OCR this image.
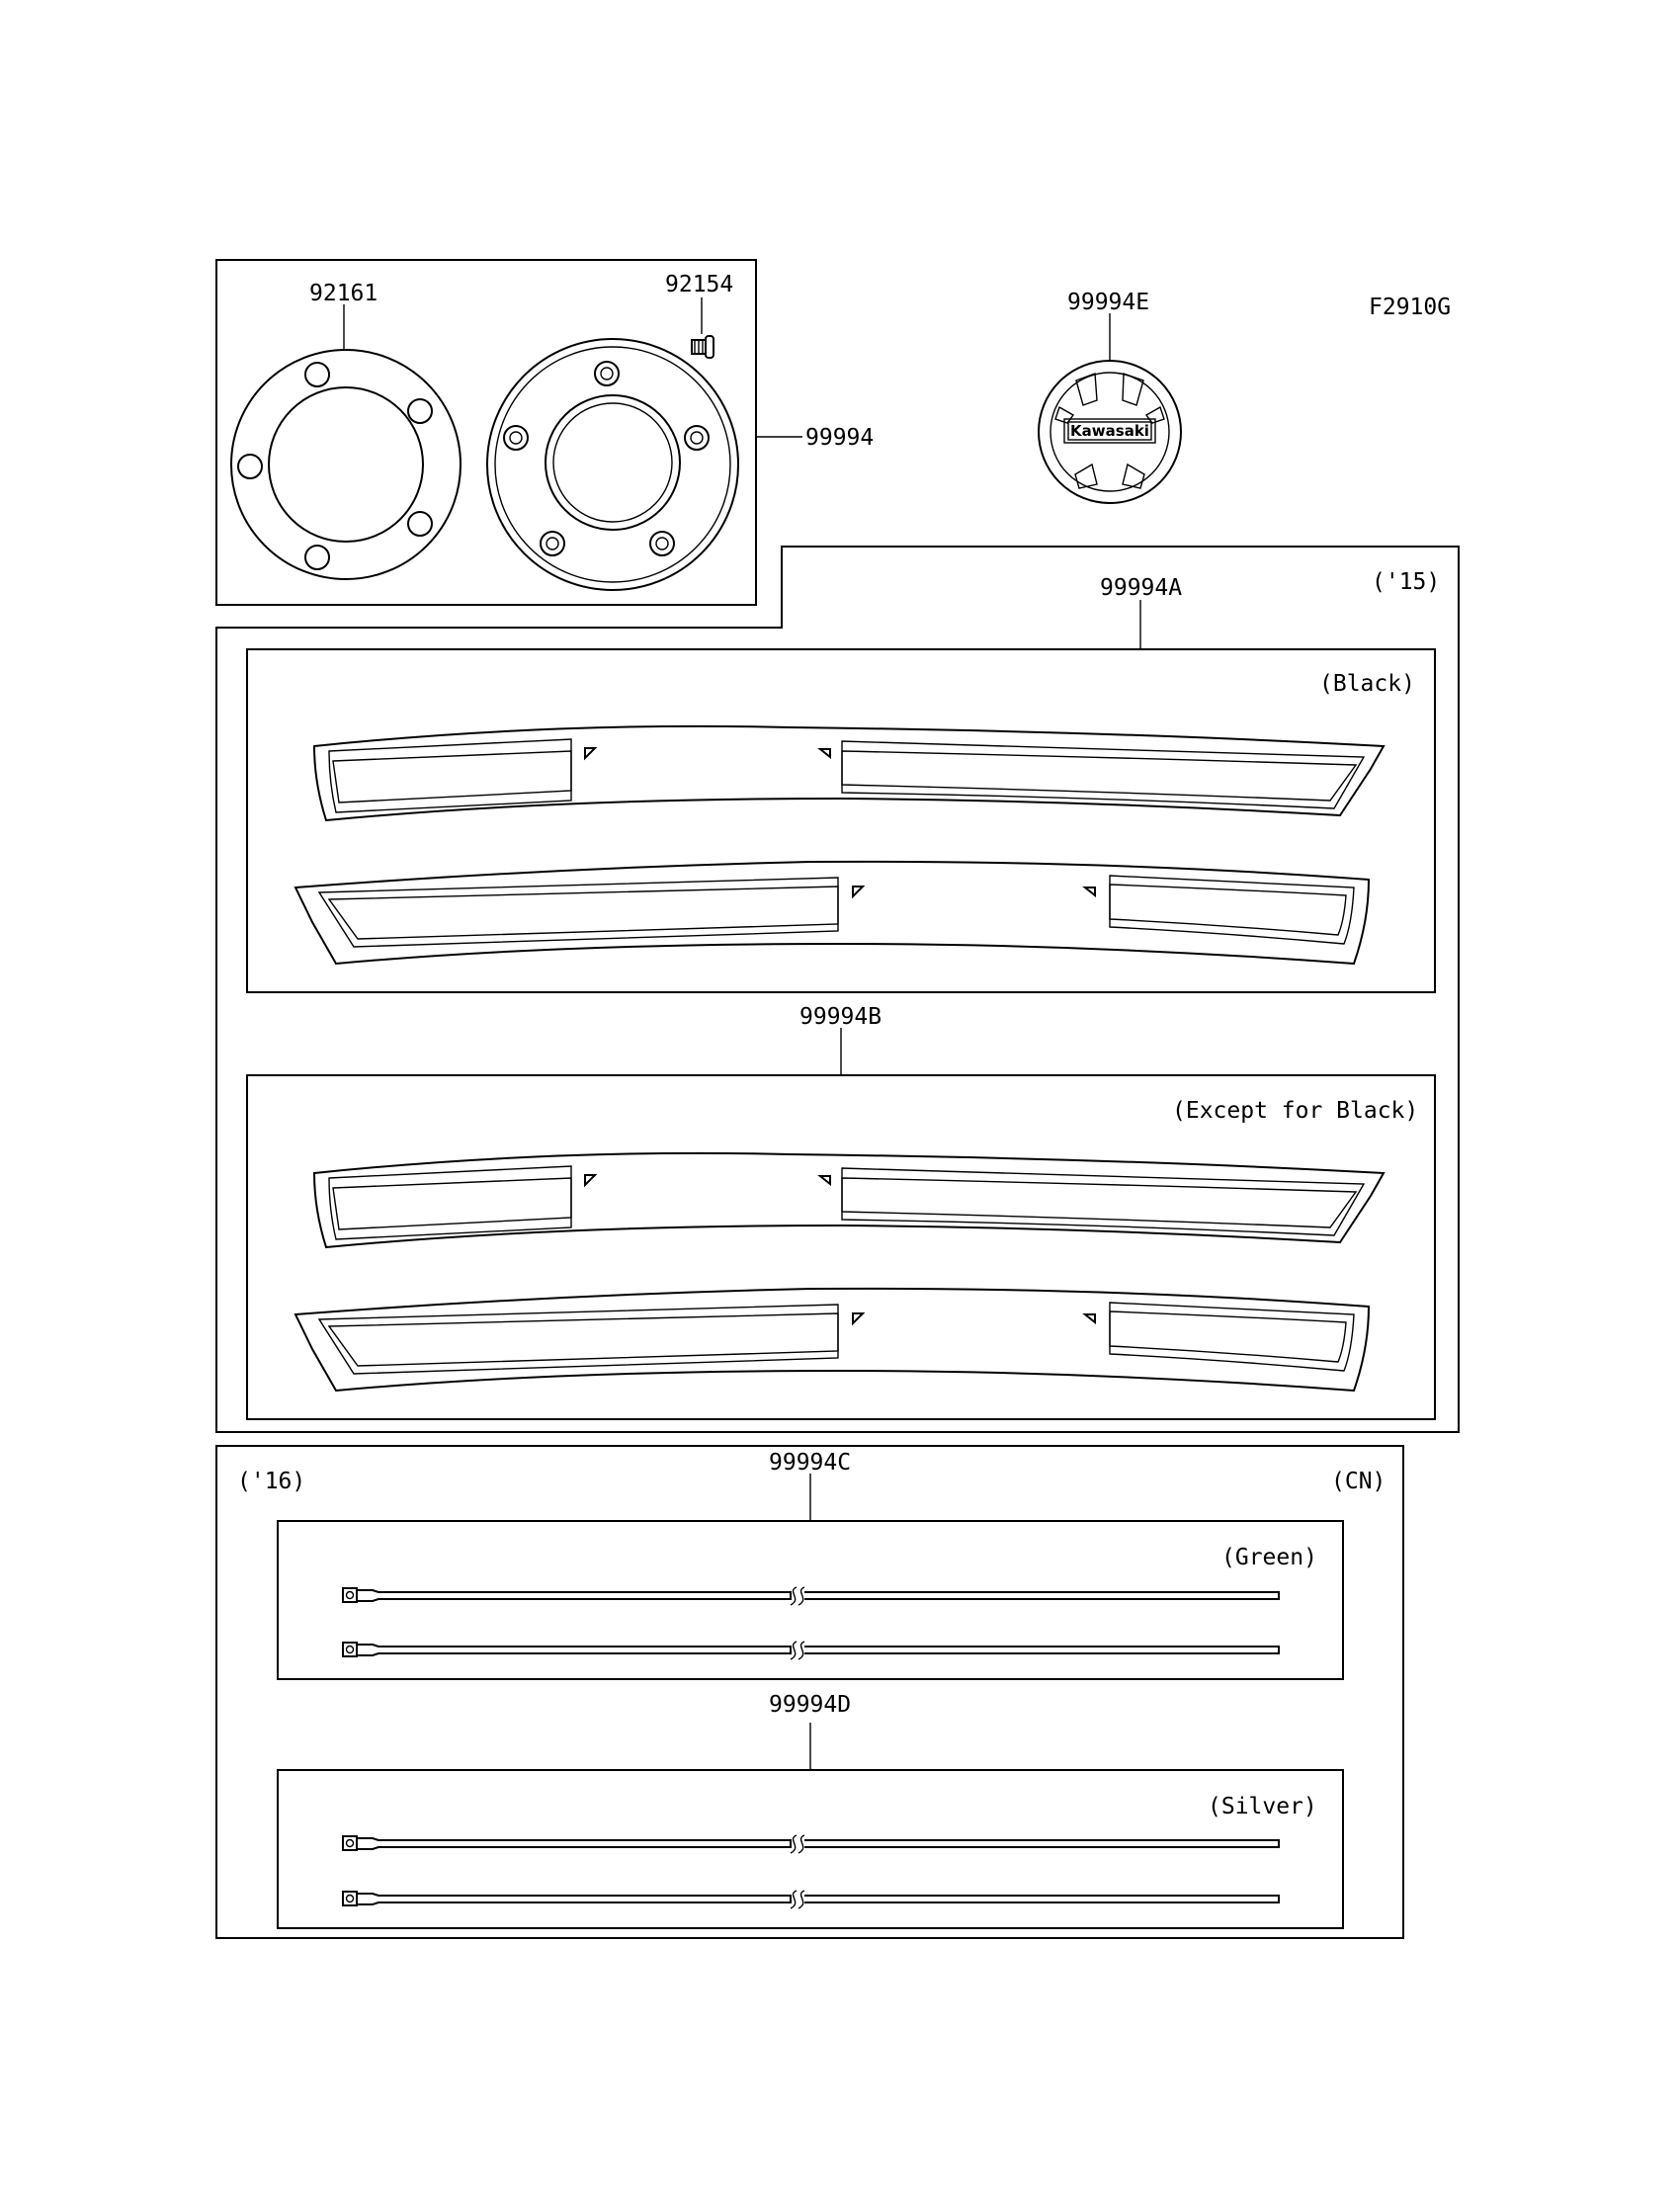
F2910G
92161	92154
99994	Kawasaki
99994E
('15)
99994A
(Black)
99994B
(Except for Black)
('16)	(CN)
99994C
(Green)
99994D
(Silver)
